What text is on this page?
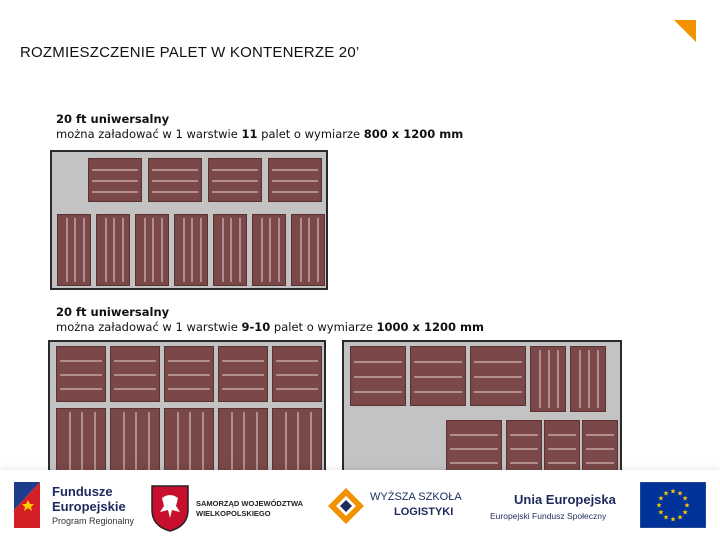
ROZMIESZCZENIE PALET W KONTENERZE 20’
20 ft uniwersalny
można załadować w 1 warstwie 11 palet o wymiarze 800 x 1200 mm
20 ft uniwersalny
można załadować w 1 warstwie 9-10 palet o wymiarze 1000 x 1200 mm
Fundusze
Europejskie
Program Regionalny
SAMORZĄD WOJEWÓDZTWA
WIELKOPOLSKIEGO
WYŻSZA SZKOŁA
LOGISTYKI
Unia Europejska
Europejski Fundusz Społeczny
★
★
★
★
★
★
★
★
★ ★ ★
★
